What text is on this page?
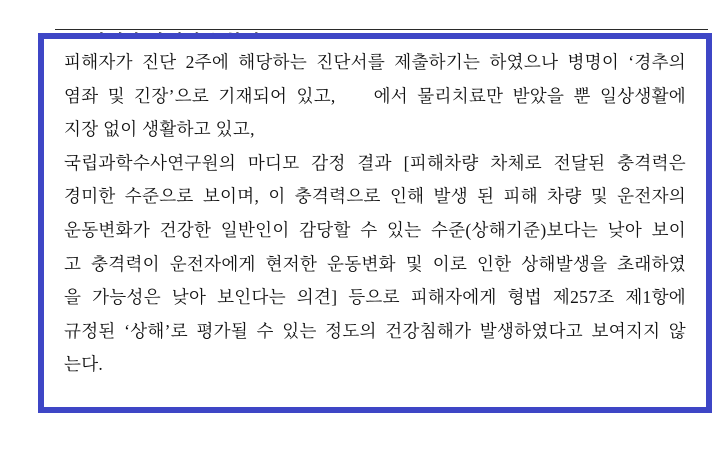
피해자가 진단 2주에 해당하는 진단서를 제출하기는 하였으나 병명이 ‘경추의
염좌 및 긴장’으로 기재되어 있고, 에서 물리치료만 받았을 뿐 일상생활에
지장 없이 생활하고 있고,
국립과학수사연구원의 마디모 감정 결과 [피해차량 차체로 전달된 충격력은
경미한 수준으로 보이며, 이 충격력으로 인해 발생 된 피해 차량 및 운전자의
운동변화가 건강한 일반인이 감당할 수 있는 수준(상해기준)보다는 낮아 보이
고 충격력이 운전자에게 현저한 운동변화 및 이로 인한 상해발생을 초래하였
을 가능성은 낮아 보인다는 의견] 등으로 피해자에게 형법 제257조 제1항에
규정된 ‘상해’로 평가될 수 있는 정도의 건강침해가 발생하였다고 보여지지 않
는다.
